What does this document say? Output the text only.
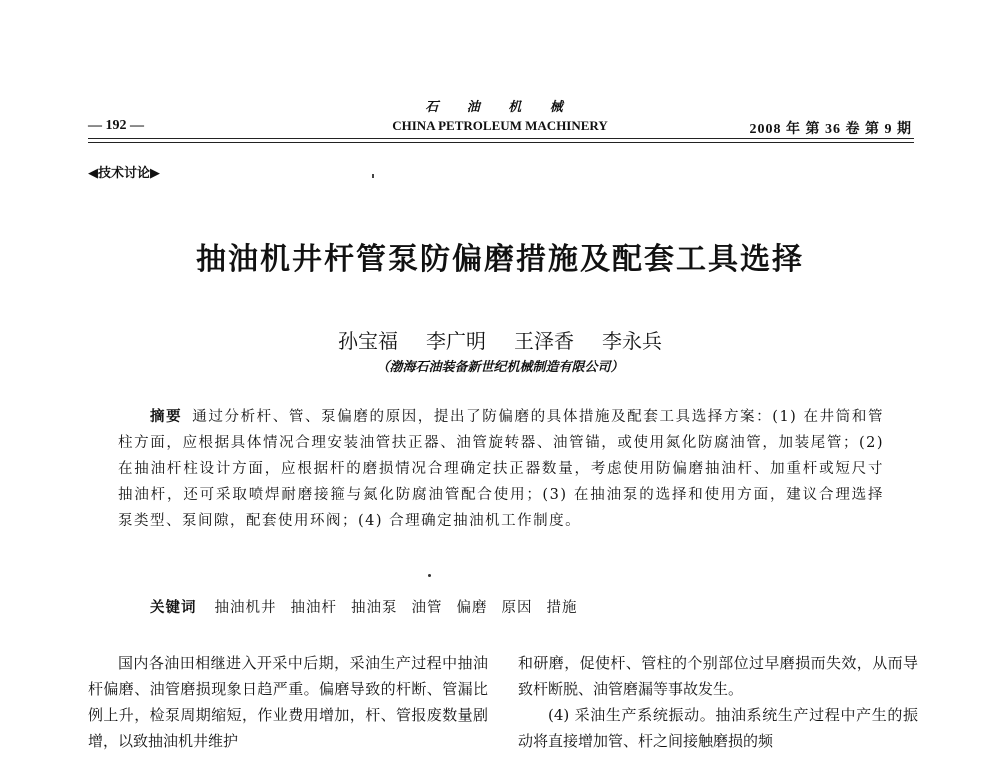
石 油 机 械
— 192 —	CHINA PETROLEUM MACHINERY	2008 年 第 36 卷 第 9 期
◀技术讨论▶
抽油机井杆管泵防偏磨措施及配套工具选择
孙宝福 李广明 王泽香 李永兵
（渤海石油装备新世纪机械制造有限公司）
摘要 通过分析杆、管、泵偏磨的原因，提出了防偏磨的具体措施及配套工具选择方案：(1) 在井筒和管柱方面，应根据具体情况合理安装油管扶正器、油管旋转器、油管锚，或使用氮化防腐油管，加装尾管；(2) 在抽油杆柱设计方面，应根据杆的磨损情况合理确定扶正器数量，考虑使用防偏磨抽油杆、加重杆或短尺寸抽油杆，还可采取喷焊耐磨接箍与氮化防腐油管配合使用；(3) 在抽油泵的选择和使用方面，建议合理选择泵类型、泵间隙，配套使用环阀；(4) 合理确定抽油机工作制度。
关键词 抽油机井 抽油杆 抽油泵 油管 偏磨 原因 措施

国内各油田相继进入开采中后期，采油生产过程中抽油杆偏磨、油管磨损现象日趋严重。偏磨导致的杆断、管漏比例上升，检泵周期缩短，作业费用增加，杆、管报废数量剧增，以致抽油机井维护

和研磨，促使杆、管柱的个别部位过早磨损而失效，从而导致杆断脱、油管磨漏等事故发生。

(4) 采油生产系统振动。抽油系统生产过程中产生的振动将直接增加管、杆之间接触磨损的频
